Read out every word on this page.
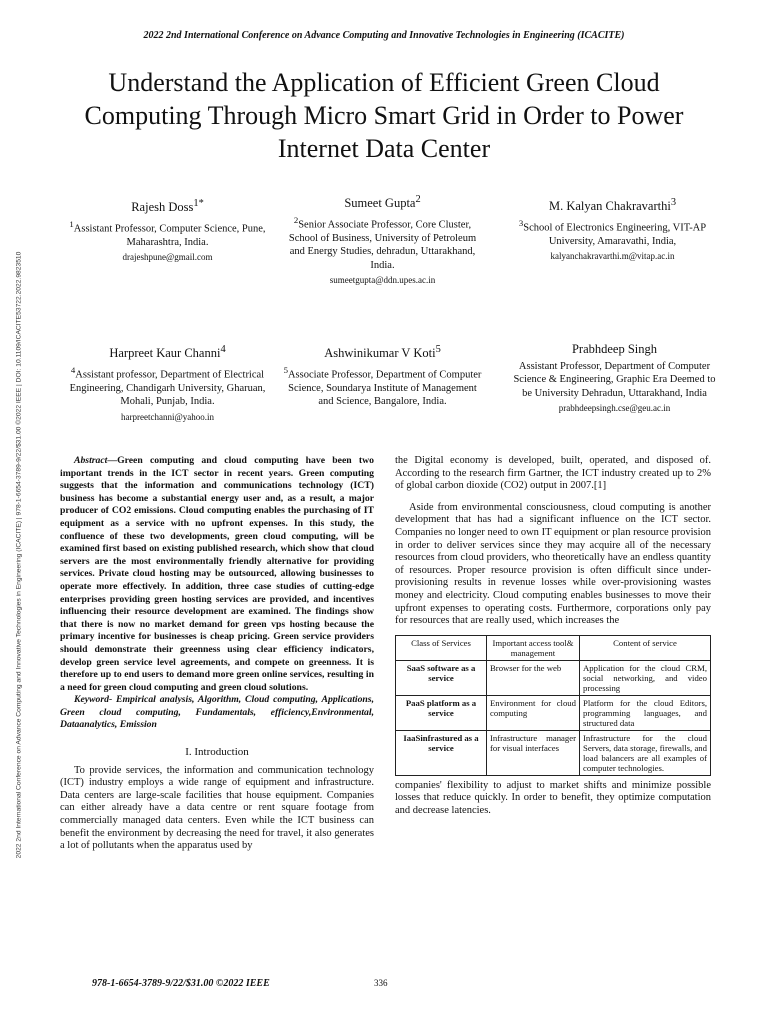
2022 2nd International Conference on Advance Computing and Innovative Technologies in Engineering (ICACITE)
2022 2nd International Conference on Advance Computing and Innovative Technologies in Engineering (ICACITE) | 978-1-6654-3789-9/22/$31.00 ©2022 IEEE | DOI: 10.1109/ICACITE53722.2022.9823510
Understand the Application of Efficient Green Cloud Computing Through Micro Smart Grid in Order to Power Internet Data Center
Rajesh Doss$^{1*}$
$^1$Assistant Professor, Computer Science, Pune, Maharashtra, India.
drajeshpune@gmail.com
Sumeet Gupta$^2$
$^2$Senior Associate Professor, Core Cluster, School of Business, University of Petroleum and Energy Studies, dehradun, Uttarakhand, India.
sumeetgupta@ddn.upes.ac.in
M. Kalyan Chakravarthi$^3$
$^3$School of Electronics Engineering, VIT-AP University, Amaravathi, India,
kalyanchakravarthi.m@vitap.ac.in
Harpreet Kaur Channi$^4$
$^4$Assistant professor, Department of Electrical Engineering, Chandigarh University, Gharuan, Mohali, Punjab, India.
harpreetchanni@yahoo.in
Ashwinikumar V Koti$^5$
$^5$Associate Professor, Department of Computer Science, Soundarya Institute of Management and Science, Bangalore, India.
Prabhdeep Singh
Assistant Professor, Department of Computer Science & Engineering, Graphic Era Deemed to be University Dehradun, Uttarakhand, India
prabhdeepsingh.cse@geu.ac.in

Abstract—Green computing and cloud computing have been two important trends in the ICT sector in recent years. Green computing suggests that the information and communications technology (ICT) business has become a substantial energy user and, as a result, a major producer of CO2 emissions. Cloud computing enables the purchasing of IT equipment as a service with no upfront expenses. In this study, the confluence of these two developments, green cloud computing, will be examined first based on existing published research, which show that cloud servers are the most environmentally friendly alternative for providing services. Private cloud hosting may be outsourced, allowing businesses to operate more effectively. In addition, three case studies of cutting-edge enterprises providing green hosting services are provided, and incentives influencing their resource development are examined. The findings show that there is now no market demand for green vps hosting because the primary incentive for businesses is cheap pricing. Green service providers should demonstrate their greenness using clear efficiency indicators, develop green service level agreements, and compete on greenness. It is therefore up to end users to demand more green online services, resulting in a need for green cloud computing and green cloud solutions.

Keyword- Empirical analysis, Algorithm, Cloud computing, Applications, Green cloud computing, Fundamentals, efficiency,Environmental, Dataanalytics, Emission

I. Introduction

To provide services, the information and communication technology (ICT) industry employs a wide range of equipment and infrastructure. Data centers are large-scale facilities that house equipment. Companies can either already have a data centre or rent square footage from commercially managed data centers. Even while the ICT business can benefit the environment by decreasing the need for travel, it also generates a lot of pollutants when the apparatus used by

the Digital economy is developed, built, operated, and disposed of. According to the research firm Gartner, the ICT industry created up to 2% of global carbon dioxide (CO2) output in 2007.[1]

Aside from environmental consciousness, cloud computing is another development that has had a significant influence on the ICT sector. Companies no longer need to own IT equipment or plan resource provision in order to deliver services since they may acquire all of the necessary resources from cloud providers, who theoretically have an endless quantity of resources. Proper resource provision is often difficult since under-provisioning results in revenue losses while over-provisioning wastes money and electricity. Cloud computing enables businesses to move their upfront expenses to operating costs. Furthermore, corporations only pay for resources that are really used, which increases the

Class of Services	Important access tool& management	Content of service
SaaS software as a service	Browser for the web	Application for the cloud CRM, social networking, and video processing
PaaS platform as a service	Environment for cloud computing	Platform for the cloud Editors, programming languages, and structured data
IaaSinfrastured as a service	Infrastructure manager for visual interfaces	Infrastructure for the cloud Servers, data storage, firewalls, and load balancers are all examples of computer technologies.

companies' flexibility to adjust to market shifts and minimize possible losses that reduce quickly. In order to benefit, they optimize computation and decrease latencies.

978-1-6654-3789-9/22/$31.00 ©2022 IEEE	336
